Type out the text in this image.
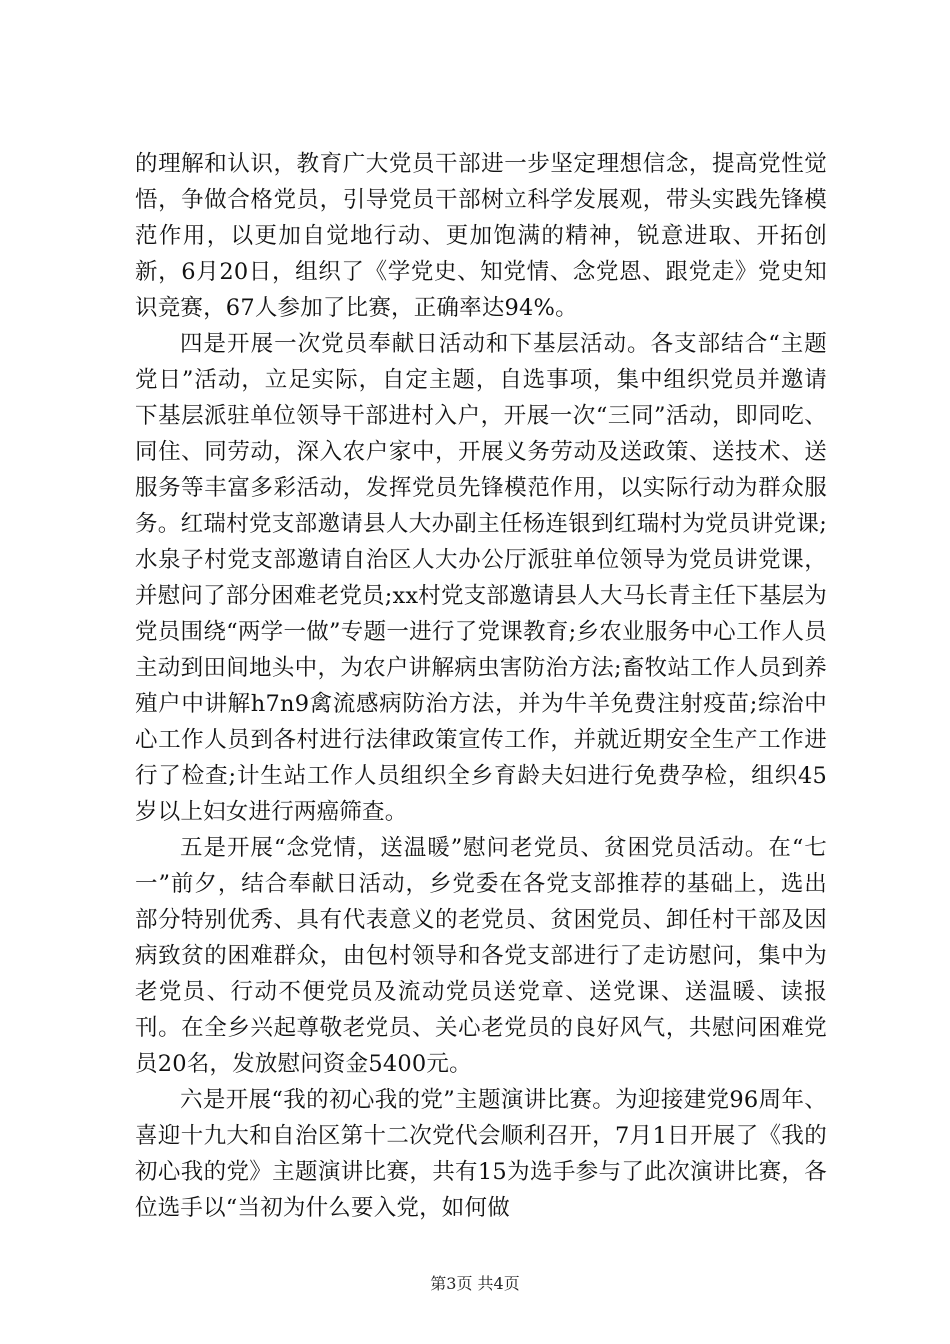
的理解和认识，教育广大党员干部进一步坚定理想信念，提高党性觉悟，争做合格党员，引导党员干部树立科学发展观，带头实践先锋模范作用，以更加自觉地行动、更加饱满的精神，锐意进取、开拓创新，6月20日，组织了《学党史、知党情、念党恩、跟党走》党史知识竞赛，67人参加了比赛，正确率达94%。

四是开展一次党员奉献日活动和下基层活动。各支部结合“主题党日”活动，立足实际，自定主题，自选事项，集中组织党员并邀请下基层派驻单位领导干部进村入户，开展一次“三同”活动，即同吃、同住、同劳动，深入农户家中，开展义务劳动及送政策、送技术、送服务等丰富多彩活动，发挥党员先锋模范作用，以实际行动为群众服务。红瑞村党支部邀请县人大办副主任杨连银到红瑞村为党员讲党课;水泉子村党支部邀请自治区人大办公厅派驻单位领导为党员讲党课，并慰问了部分困难老党员;xx村党支部邀请县人大马长青主任下基层为党员围绕“两学一做”专题一进行了党课教育;乡农业服务中心工作人员主动到田间地头中，为农户讲解病虫害防治方法;畜牧站工作人员到养殖户中讲解h7n9禽流感病防治方法，并为牛羊免费注射疫苗;综治中心工作人员到各村进行法律政策宣传工作，并就近期安全生产工作进行了检查;计生站工作人员组织全乡育龄夫妇进行免费孕检，组织45岁以上妇女进行两癌筛查。

五是开展“念党情，送温暖”慰问老党员、贫困党员活动。在“七一”前夕，结合奉献日活动，乡党委在各党支部推荐的基础上，选出部分特别优秀、具有代表意义的老党员、贫困党员、卸任村干部及因病致贫的困难群众，由包村领导和各党支部进行了走访慰问，集中为老党员、行动不便党员及流动党员送党章、送党课、送温暖、读报刊。在全乡兴起尊敬老党员、关心老党员的良好风气，共慰问困难党员20名，发放慰问资金5400元。

六是开展“我的初心我的党”主题演讲比赛。为迎接建党96周年、喜迎十九大和自治区第十二次党代会顺利召开，7月1日开展了《我的初心我的党》主题演讲比赛，共有15为选手参与了此次演讲比赛，各位选手以“当初为什么要入党，如何做

第3页 共4页
